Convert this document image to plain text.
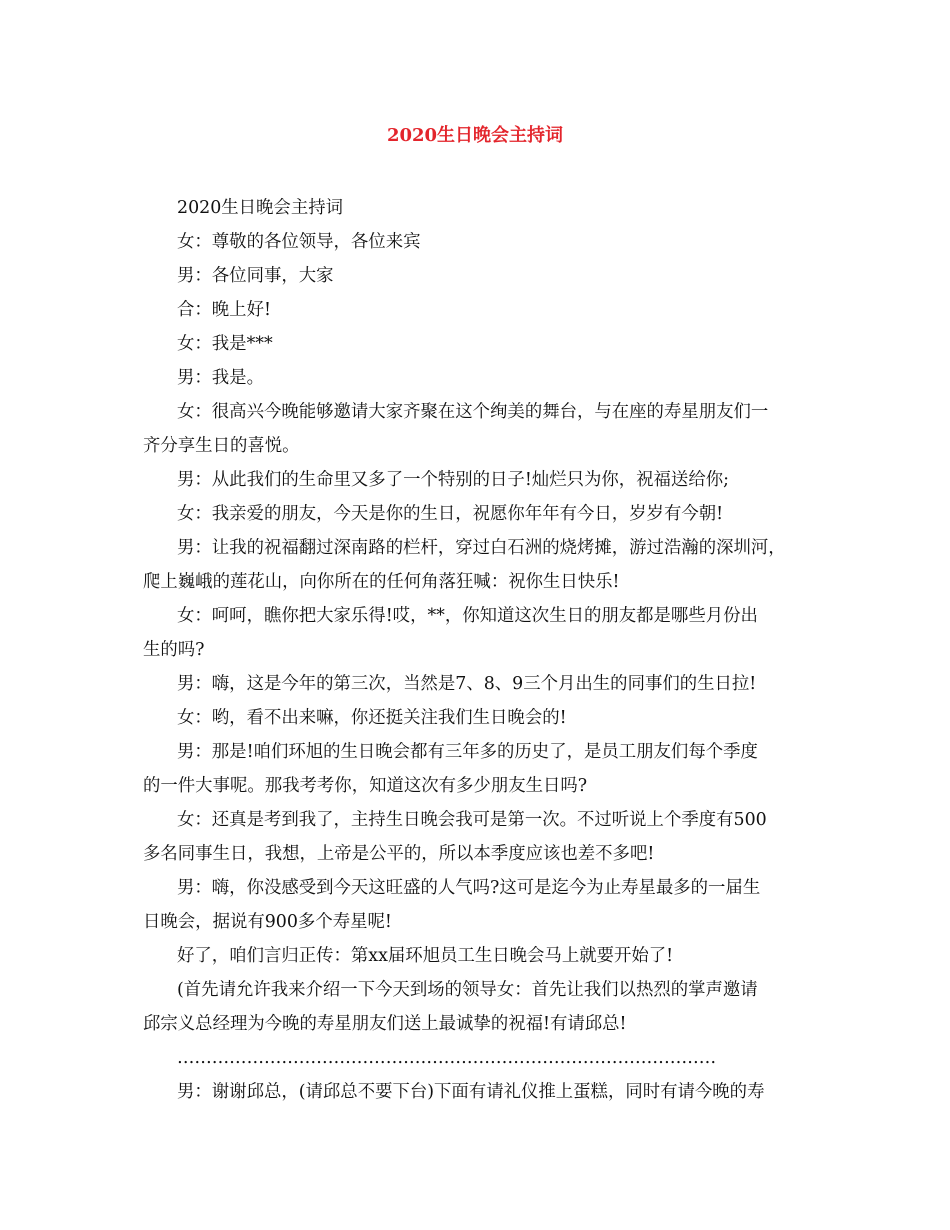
2020生日晚会主持词
2020生日晚会主持词
女：尊敬的各位领导，各位来宾
男：各位同事，大家
合：晚上好!
女：我是***
男：我是。
女：很高兴今晚能够邀请大家齐聚在这个绚美的舞台，与在座的寿星朋友们一
齐分享生日的喜悦。
男：从此我们的生命里又多了一个特别的日子!灿烂只为你，祝福送给你;
女：我亲爱的朋友，今天是你的生日，祝愿你年年有今日，岁岁有今朝!
男：让我的祝福翻过深南路的栏杆，穿过白石洲的烧烤摊，游过浩瀚的深圳河，
爬上巍峨的莲花山，向你所在的任何角落狂喊：祝你生日快乐!
女：呵呵，瞧你把大家乐得!哎，**，你知道这次生日的朋友都是哪些月份出
生的吗?
男：嗨，这是今年的第三次，当然是7、8、9三个月出生的同事们的生日拉!
女：哟，看不出来嘛，你还挺关注我们生日晚会的!
男：那是!咱们环旭的生日晚会都有三年多的历史了，是员工朋友们每个季度
的一件大事呢。那我考考你，知道这次有多少朋友生日吗?
女：还真是考到我了，主持生日晚会我可是第一次。不过听说上个季度有500
多名同事生日，我想，上帝是公平的，所以本季度应该也差不多吧!
男：嗨，你没感受到今天这旺盛的人气吗?这可是迄今为止寿星最多的一届生
日晚会，据说有900多个寿星呢!
好了，咱们言归正传：第xx届环旭员工生日晚会马上就要开始了!
(首先请允许我来介绍一下今天到场的领导女：首先让我们以热烈的掌声邀请
邱宗义总经理为今晚的寿星朋友们送上最诚挚的祝福!有请邱总!
…………………………………………………………………………………
男：谢谢邱总，(请邱总不要下台)下面有请礼仪推上蛋糕，同时有请今晚的寿
